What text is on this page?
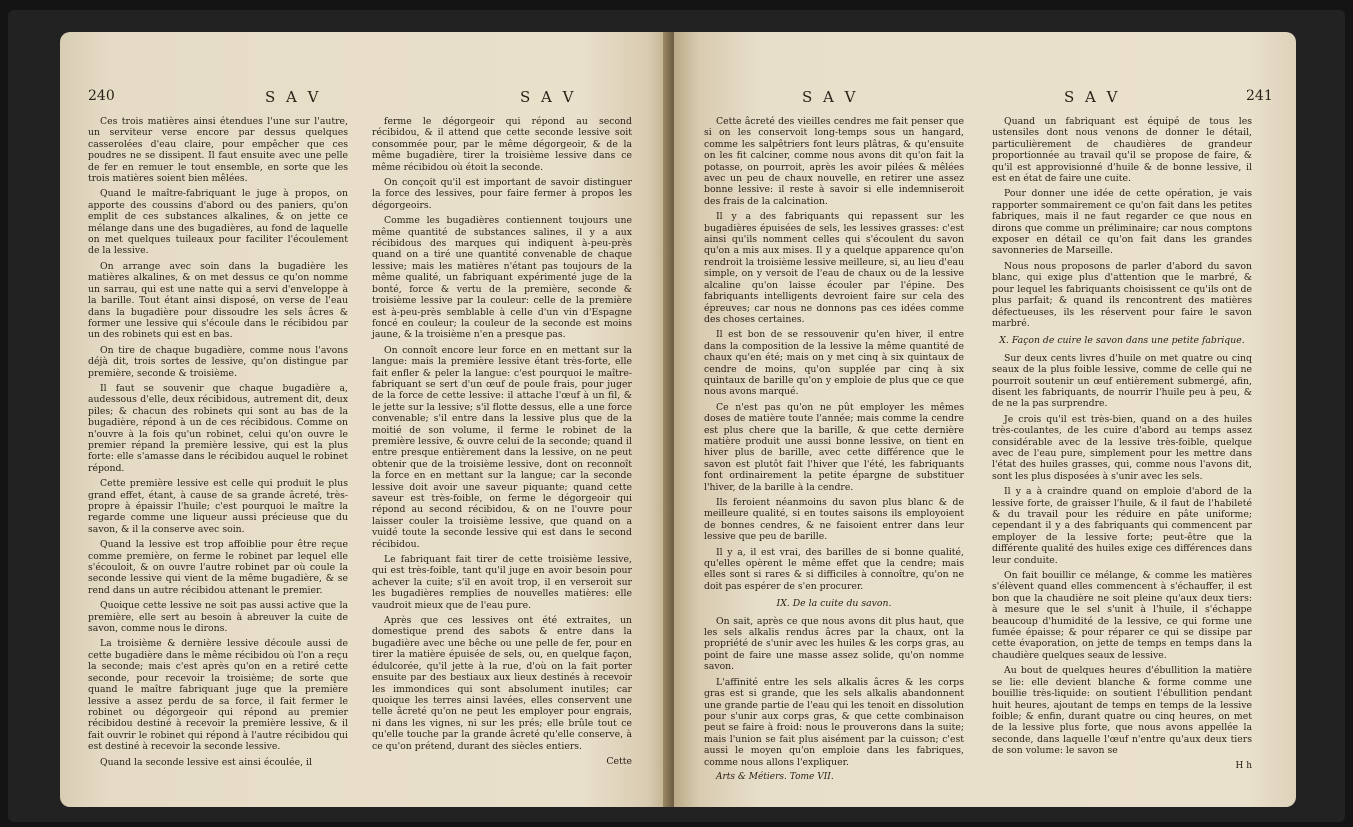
240	S A V	S A V

Ces trois matières ainsi étendues l'une sur l'autre, un serviteur verse encore par dessus quelques casserolées d'eau claire, pour empêcher que ces poudres ne se dissipent. Il faut ensuite avec une pelle de fer en remuer le tout ensemble, en sorte que les trois matières soient bien mêlées.

Quand le maître-fabriquant le juge à propos, on apporte des coussins d'abord ou des paniers, qu'on emplit de ces substances alkalines, & on jette ce mélange dans une des bugadières, au fond de laquelle on met quelques tuileaux pour faciliter l'écoulement de la lessive.

On arrange avec soin dans la bugadière les matières alkalines, & on met dessus ce qu'on nomme un sarrau, qui est une natte qui a servi d'enveloppe à la barille. Tout étant ainsi disposé, on verse de l'eau dans la bugadière pour dissoudre les sels âcres & former une lessive qui s'écoule dans le récibidou par un des robinets qui est en bas.

On tire de chaque bugadière, comme nous l'avons déjà dit, trois sortes de lessive, qu'on distingue par première, seconde & troisième.

Il faut se souvenir que chaque bugadière a, audessous d'elle, deux récibidous, autrement dit, deux piles; & chacun des robinets qui sont au bas de la bugadière, répond à un de ces récibidous. Comme on n'ouvre à la fois qu'un robinet, celui qu'on ouvre le premier répand la première lessive, qui est la plus forte: elle s'amasse dans le récibidou auquel le robinet répond.

Cette première lessive est celle qui produit le plus grand effet, étant, à cause de sa grande âcreté, très-propre à épaissir l'huile; c'est pourquoi le maître la regarde comme une liqueur aussi précieuse que du savon, & il la conserve avec soin.

Quand la lessive est trop affoiblie pour être reçue comme première, on ferme le robinet par lequel elle s'écouloit, & on ouvre l'autre robinet par où coule la seconde lessive qui vient de la même bugadière, & se rend dans un autre récibidou attenant le premier.

Quoique cette lessive ne soit pas aussi active que la première, elle sert au besoin à abreuver la cuite de savon, comme nous le dirons.

La troisième & dernière lessive découle aussi de cette bugadière dans le même récibidou où l'on a reçu la seconde; mais c'est après qu'on en a retiré cette seconde, pour recevoir la troisième; de sorte que quand le maître fabriquant juge que la première lessive a assez perdu de sa force, il fait fermer le robinet ou dégorgeoir qui répond au premier récibidou destiné à recevoir la première lessive, & il fait ouvrir le robinet qui répond à l'autre récibidou qui est destiné à recevoir la seconde lessive.

Quand la seconde lessive est ainsi écoulée, il

ferme le dégorgeoir qui répond au second récibidou, & il attend que cette seconde lessive soit consommée pour, par le même dégorgeoir, & de la même bugadière, tirer la troisième lessive dans ce même récibidou où étoit la seconde.

On conçoit qu'il est important de savoir distinguer la force des lessives, pour faire fermer à propos les dégorgeoirs.

Comme les bugadières contiennent toujours une même quantité de substances salines, il y a aux récibidous des marques qui indiquent à-peu-près quand on a tiré une quantité convenable de chaque lessive; mais les matières n'étant pas toujours de la même qualité, un fabriquant expérimenté juge de la bonté, force & vertu de la première, seconde & troisième lessive par la couleur: celle de la première est à-peu-près semblable à celle d'un vin d'Espagne foncé en couleur; la couleur de la seconde est moins jaune, & la troisième n'en a presque pas.

On connoît encore leur force en en mettant sur la langue: mais la première lessive étant très-forte, elle fait enfler & peler la langue: c'est pourquoi le maître-fabriquant se sert d'un œuf de poule frais, pour juger de la force de cette lessive: il attache l'œuf à un fil, & le jette sur la lessive; s'il flotte dessus, elle a une force convenable; s'il entre dans la lessive plus que de la moitié de son volume, il ferme le robinet de la première lessive, & ouvre celui de la seconde; quand il entre presque entièrement dans la lessive, on ne peut obtenir que de la troisième lessive, dont on reconnoît la force en en mettant sur la langue; car la seconde lessive doit avoir une saveur piquante; quand cette saveur est très-foible, on ferme le dégorgeoir qui répond au second récibidou, & on ne l'ouvre pour laisser couler la troisième lessive, que quand on a vuidé toute la seconde lessive qui est dans le second récibidou.

Le fabriquant fait tirer de cette troisième lessive, qui est très-foible, tant qu'il juge en avoir besoin pour achever la cuite; s'il en avoit trop, il en verseroit sur les bugadières remplies de nouvelles matières: elle vaudroit mieux que de l'eau pure.

Après que ces lessives ont été extraites, un domestique prend des sabots & entre dans la bugadière avec une bêche ou une pelle de fer, pour en tirer la matière épuisée de sels, ou, en quelque façon, édulcorée, qu'il jette à la rue, d'où on la fait porter ensuite par des bestiaux aux lieux destinés à recevoir les immondices qui sont absolument inutiles; car quoique les terres ainsi lavées, elles conservent une telle âcreté qu'on ne peut les employer pour engrais, ni dans les vignes, ni sur les prés; elle brûle tout ce qu'elle touche par la grande âcreté qu'elle conserve, à ce qu'on prétend, durant des siècles entiers.

Cette

S A V	S A V	241

Cette âcreté des vieilles cendres me fait penser que si on les conservoit long-temps sous un hangard, comme les salpêtriers font leurs plâtras, & qu'ensuite on les fit calciner, comme nous avons dit qu'on fait la potasse, on pourroit, après les avoir pilées & mêlées avec un peu de chaux nouvelle, en retirer une assez bonne lessive: il reste à savoir si elle indemniseroit des frais de la calcination.

Il y a des fabriquants qui repassent sur les bugadières épuisées de sels, les lessives grasses: c'est ainsi qu'ils nomment celles qui s'écoulent du savon qu'on a mis aux mises. Il y a quelque apparence qu'on rendroit la troisième lessive meilleure, si, au lieu d'eau simple, on y versoit de l'eau de chaux ou de la lessive alcaline qu'on laisse écouler par l'épine. Des fabriquants intelligents devroient faire sur cela des épreuves; car nous ne donnons pas ces idées comme des choses certaines.

Il est bon de se ressouvenir qu'en hiver, il entre dans la composition de la lessive la même quantité de chaux qu'en été; mais on y met cinq à six quintaux de cendre de moins, qu'on supplée par cinq à six quintaux de barille qu'on y emploie de plus que ce que nous avons marqué.

Ce n'est pas qu'on ne pût employer les mêmes doses de matière toute l'année; mais comme la cendre est plus chere que la barille, & que cette dernière matière produit une aussi bonne lessive, on tient en hiver plus de barille, avec cette différence que le savon est plutôt fait l'hiver que l'été, les fabriquants font ordinairement la petite épargne de substituer l'hiver, de la barille à la cendre.

Ils feroient néanmoins du savon plus blanc & de meilleure qualité, si en toutes saisons ils employoient de bonnes cendres, & ne faisoient entrer dans leur lessive que peu de barille.

Il y a, il est vrai, des barilles de si bonne qualité, qu'elles opèrent le même effet que la cendre; mais elles sont si rares & si difficiles à connoître, qu'on ne doit pas espérer de s'en procurer.

IX. De la cuite du savon.

On sait, après ce que nous avons dit plus haut, que les sels alkalis rendus âcres par la chaux, ont la propriété de s'unir avec les huiles & les corps gras, au point de faire une masse assez solide, qu'on nomme savon.

L'affinité entre les sels alkalis âcres & les corps gras est si grande, que les sels alkalis abandonnent une grande partie de l'eau qui les tenoit en dissolution pour s'unir aux corps gras, & que cette combinaison peut se faire à froid: nous le prouverons dans la suite; mais l'union se fait plus aisément par la cuisson; c'est aussi le moyen qu'on emploie dans les fabriques, comme nous allons l'expliquer.

Arts & Métiers. Tome VII.

Quand un fabriquant est équipé de tous les ustensiles dont nous venons de donner le détail, particulièrement de chaudières de grandeur proportionnée au travail qu'il se propose de faire, & qu'il est approvisionné d'huile & de bonne lessive, il est en état de faire une cuite.

Pour donner une idée de cette opération, je vais rapporter sommairement ce qu'on fait dans les petites fabriques, mais il ne faut regarder ce que nous en dirons que comme un préliminaire; car nous comptons exposer en détail ce qu'on fait dans les grandes savonneries de Marseille.

Nous nous proposons de parler d'abord du savon blanc, qui exige plus d'attention que le marbré, & pour lequel les fabriquants choisissent ce qu'ils ont de plus parfait; & quand ils rencontrent des matières défectueuses, ils les réservent pour faire le savon marbré.

X. Façon de cuire le savon dans une petite fabrique.

Sur deux cents livres d'huile on met quatre ou cinq seaux de la plus foible lessive, comme de celle qui ne pourroit soutenir un œuf entièrement submergé, afin, disent les fabriquants, de nourrir l'huile peu à peu, & de ne la pas surprendre.

Je crois qu'il est très-bien, quand on a des huiles très-coulantes, de les cuire d'abord au temps assez considérable avec de la lessive très-foible, quelque avec de l'eau pure, simplement pour les mettre dans l'état des huiles grasses, qui, comme nous l'avons dit, sont les plus disposées à s'unir avec les sels.

Il y a à craindre quand on emploie d'abord de la lessive forte, de graisser l'huile, & il faut de l'habileté & du travail pour les réduire en pâte uniforme; cependant il y a des fabriquants qui commencent par employer de la lessive forte; peut-être que la différente qualité des huiles exige ces différences dans leur conduite.

On fait bouillir ce mélange, & comme les matières s'élèvent quand elles commencent à s'échauffer, il est bon que la chaudière ne soit pleine qu'aux deux tiers: à mesure que le sel s'unit à l'huile, il s'échappe beaucoup d'humidité de la lessive, ce qui forme une fumée épaisse; & pour réparer ce qui se dissipe par cette évaporation, on jette de temps en temps dans la chaudière quelques seaux de lessive.

Au bout de quelques heures d'ébullition la matière se lie: elle devient blanche & forme comme une bouillie très-liquide: on soutient l'ébullition pendant huit heures, ajoutant de temps en temps de la lessive foible; & enfin, durant quatre ou cinq heures, on met de la lessive plus forte, que nous avons appellée la seconde, dans laquelle l'œuf n'entre qu'aux deux tiers de son volume: le savon se

H h
